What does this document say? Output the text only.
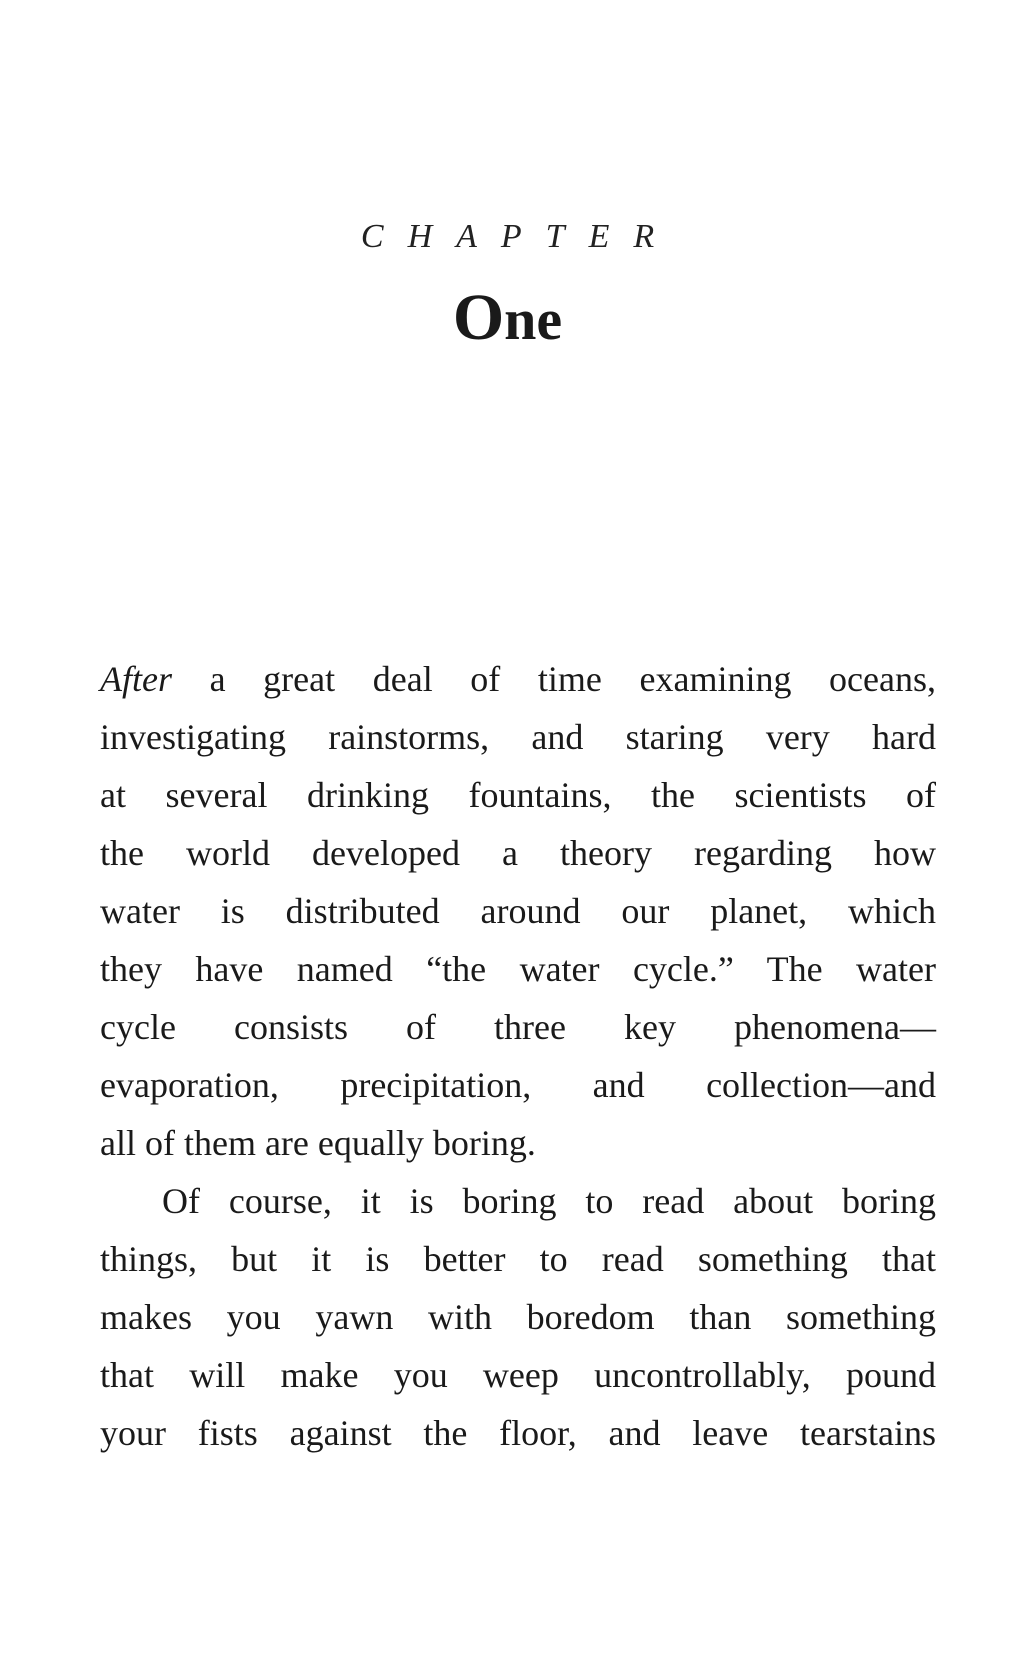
CHAPTER
One
After a great deal of time examining oceans,
investigating rainstorms, and staring very hard
at several drinking fountains, the scientists of
the world developed a theory regarding how
water is distributed around our planet, which
they have named “the water cycle.” The water
cycle consists of three key phenomena—
evaporation, precipitation, and collection—and
all of them are equally boring.
Of course, it is boring to read about boring
things, but it is better to read something that
makes you yawn with boredom than something
that will make you weep uncontrollably, pound
your fists against the floor, and leave tearstains
